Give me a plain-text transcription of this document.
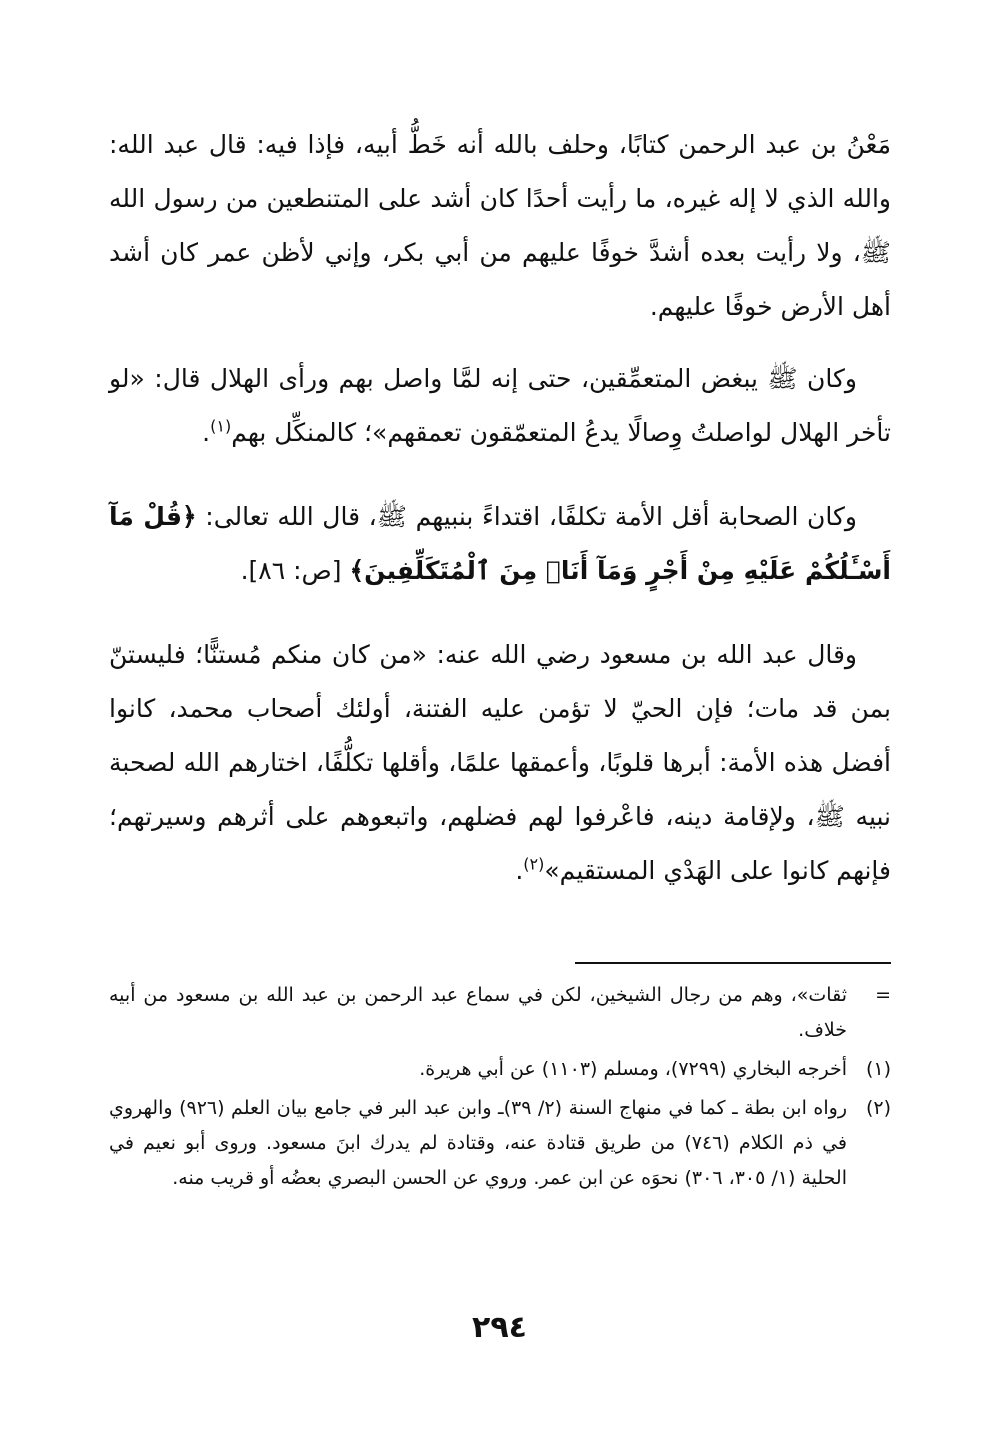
مَعْنُ بن عبد الرحمن كتابًا، وحلف بالله أنه خَطُّ أبيه، فإذا فيه: قال عبد الله: والله الذي لا إله غيره، ما رأيت أحدًا كان أشد على المتنطعين من رسول الله ﷺ، ولا رأيت بعده أشدَّ خوفًا عليهم من أبي بكر، وإني لأظن عمر كان أشد أهل الأرض خوفًا عليهم.

وكان ﷺ يبغض المتعمِّقين، حتى إنه لمَّا واصل بهم ورأى الهلال قال: «لو تأخر الهلال لواصلتُ وِصالًا يدعُ المتعمّقون تعمقهم»؛ كالمنكِّل بهم$^{(١)}$.

وكان الصحابة أقل الأمة تكلفًا، اقتداءً بنبيهم ﷺ، قال الله تعالى: ﴿قُلْ مَآ أَسْـَٔلُكُمْ عَلَيْهِ مِنْ أَجْرٍ وَمَآ أَنَا۠ مِنَ ٱلْمُتَكَلِّفِينَ﴾ [ص: ٨٦].

وقال عبد الله بن مسعود رضي الله عنه: «من كان منكم مُستنًّا؛ فليستنّ بمن قد مات؛ فإن الحيّ لا تؤمن عليه الفتنة، أولئك أصحاب محمد، كانوا أفضل هذه الأمة: أبرها قلوبًا، وأعمقها علمًا، وأقلها تكلُّفًا، اختارهم الله لصحبة نبيه ﷺ، ولإقامة دينه، فاعْرفوا لهم فضلهم، واتبعوهم على أثرهم وسيرتهم؛ فإنهم كانوا على الهَدْي المستقيم»$^{(٢)}$.

=
ثقات»، وهم من رجال الشيخين، لكن في سماع عبد الرحمن بن عبد الله بن مسعود من أبيه خلاف.
(١)
أخرجه البخاري (٧٢٩٩)، ومسلم (١١٠٣) عن أبي هريرة.
(٢)
رواه ابن بطة ـ كما في منهاج السنة (٢/ ٣٩)ـ وابن عبد البر في جامع بيان العلم (٩٢٦) والهروي في ذم الكلام (٧٤٦) من طريق قتادة عنه، وقتادة لم يدرك ابنَ مسعود. وروى أبو نعيم في الحلية (١/ ٣٠٥، ٣٠٦) نحوَه عن ابن عمر. وروي عن الحسن البصري بعضُه أو قريب منه.
٢٩٤
